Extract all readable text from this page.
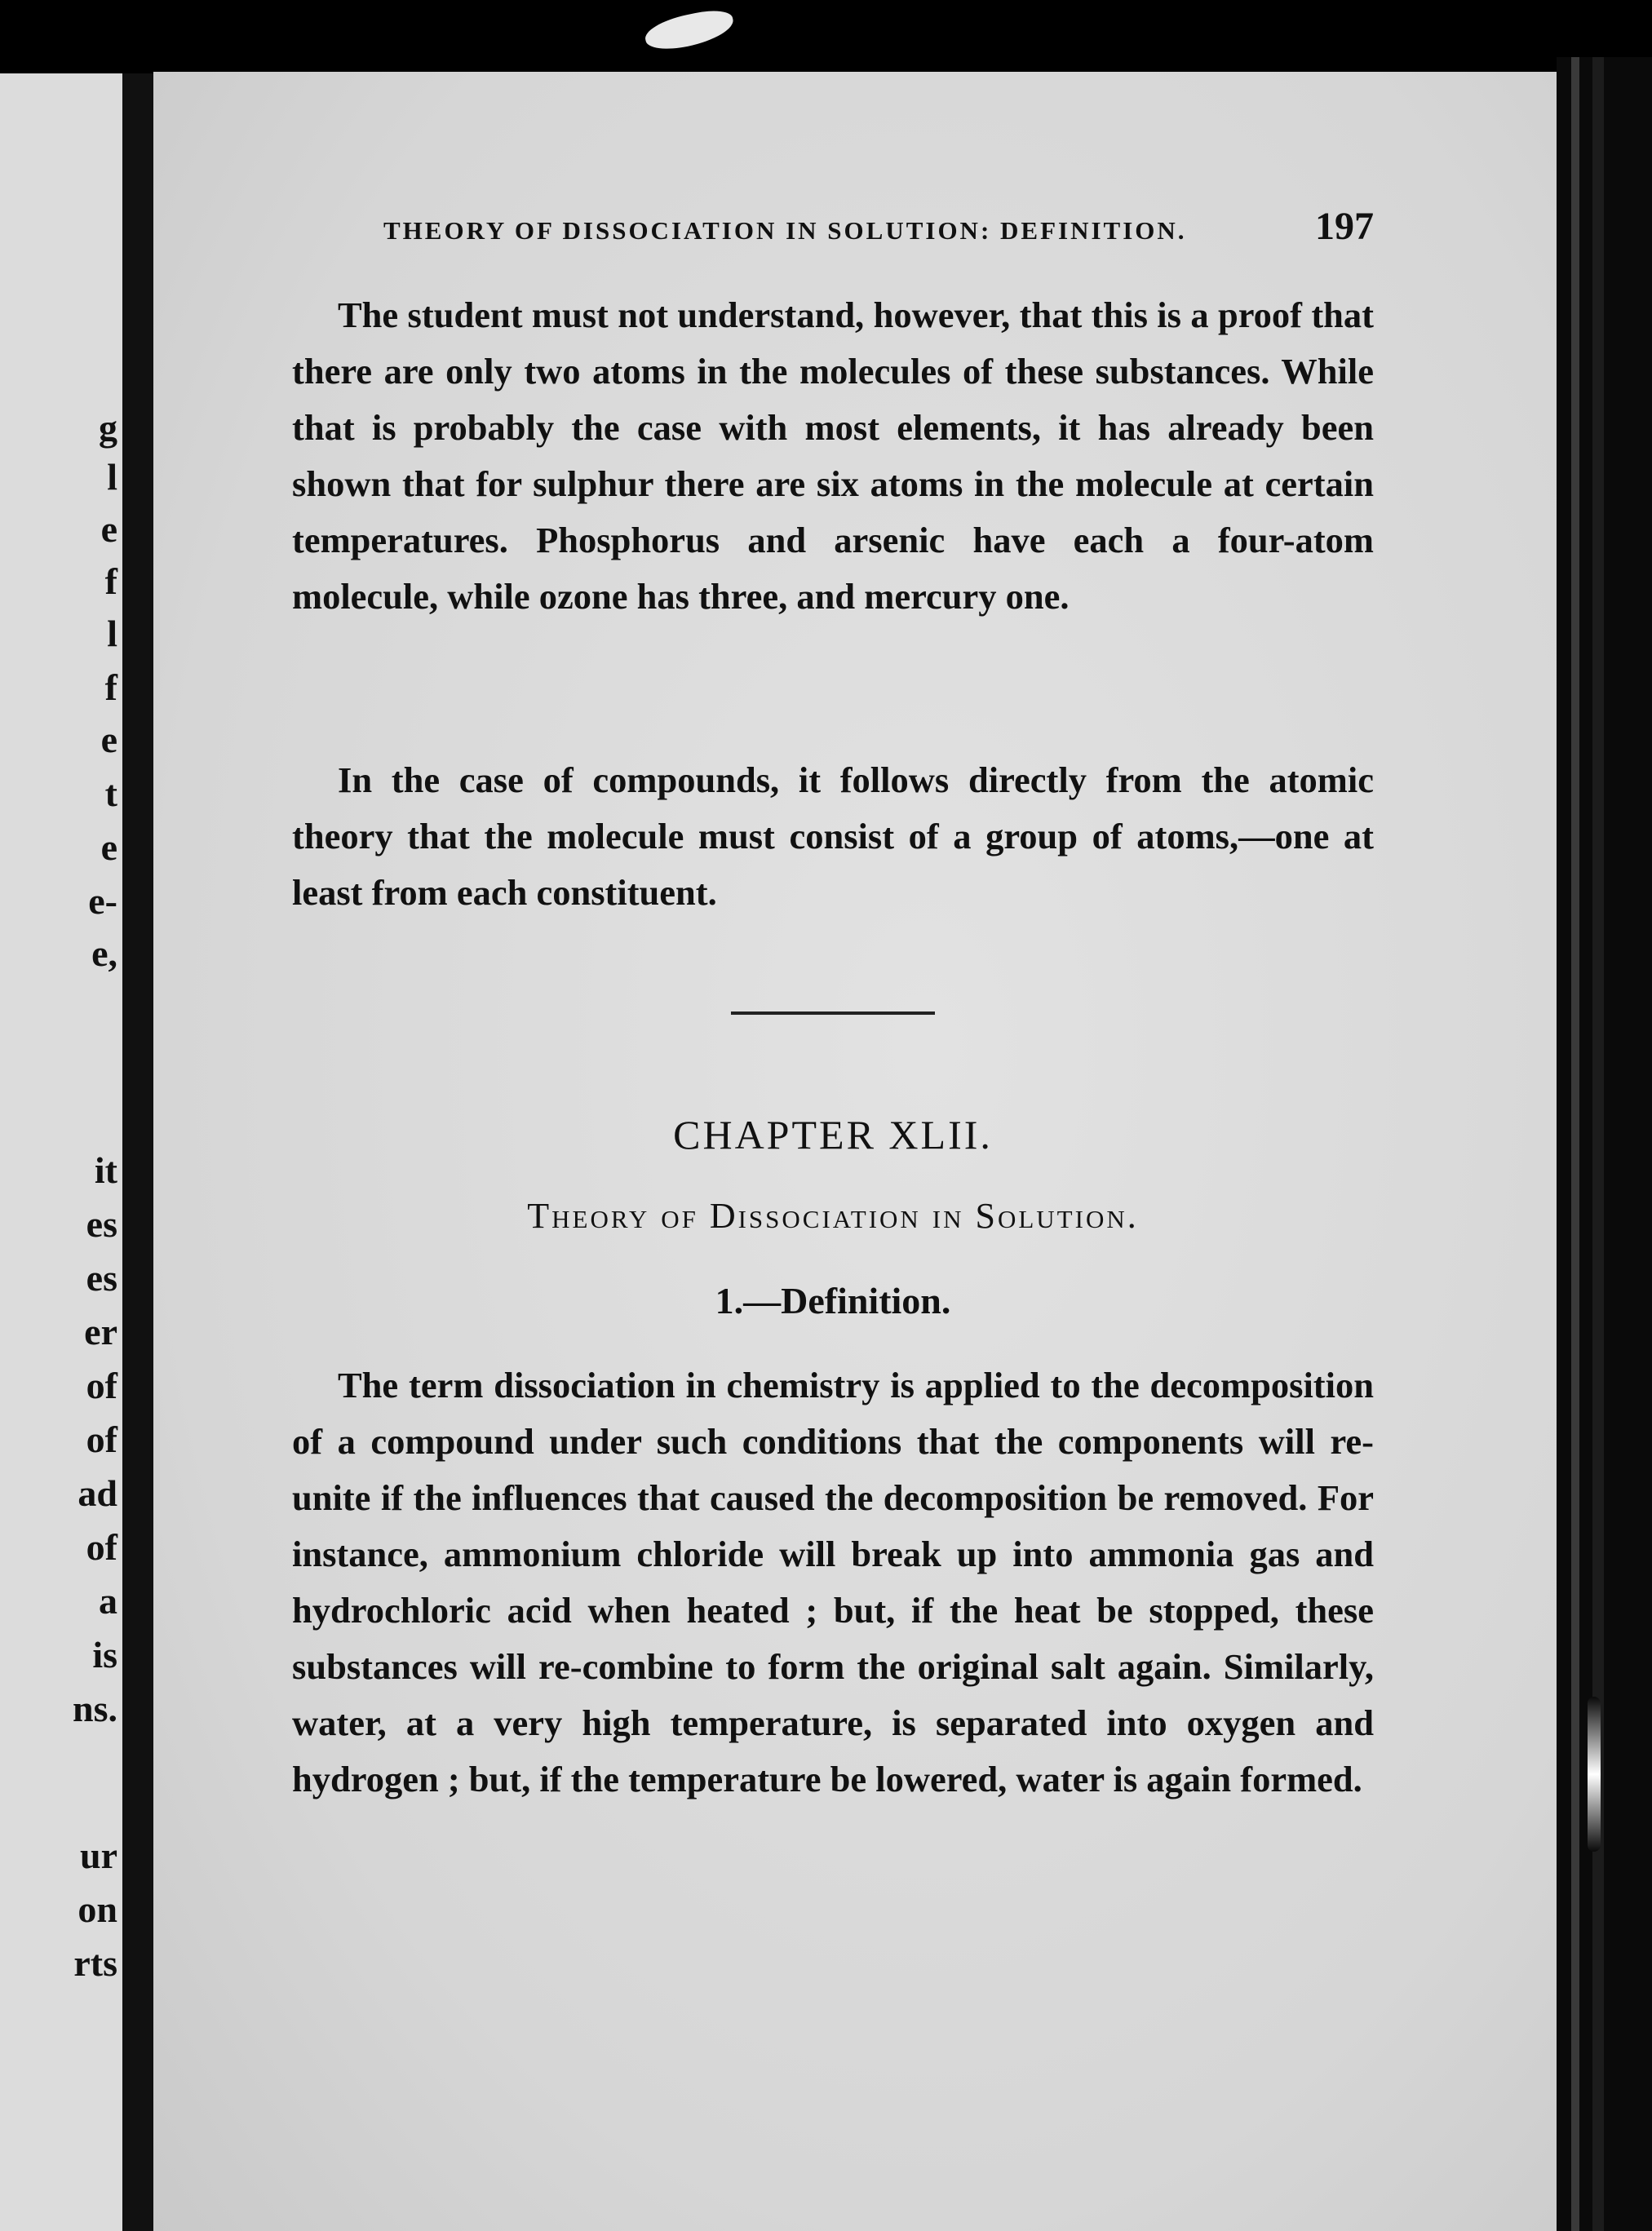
g
l
e
f
l
f
e
t
e
e-
e,
it
es
es
er
of
of
ad
of
a
is
ns.
ur
on
rts
THEORY OF DISSOCIATION IN SOLUTION: DEFINITION.	197

The student must not understand, however, that this is a proof that there are only two atoms in the molecules of these substances. While that is probably the case with most elements, it has already been shown that for sulphur there are six atoms in the molecule at certain temperatures. Phosphorus and arsenic have each a four-atom molecule, while ozone has three, and mercury one.

In the case of compounds, it follows directly from the atomic theory that the molecule must consist of a group of atoms,—one at least from each constituent.

CHAPTER XLII.
Theory of Dissociation in Solution.
1.—Definition.

The term dissociation in chemistry is applied to the decomposition of a compound under such conditions that the components will re-unite if the influences that caused the decomposition be removed. For instance, ammonium chloride will break up into ammonia gas and hydrochloric acid when heated ; but, if the heat be stopped, these substances will re-combine to form the original salt again. Similarly, water, at a very high temperature, is separated into oxygen and hydrogen ; but, if the temperature be lowered, water is again formed.
